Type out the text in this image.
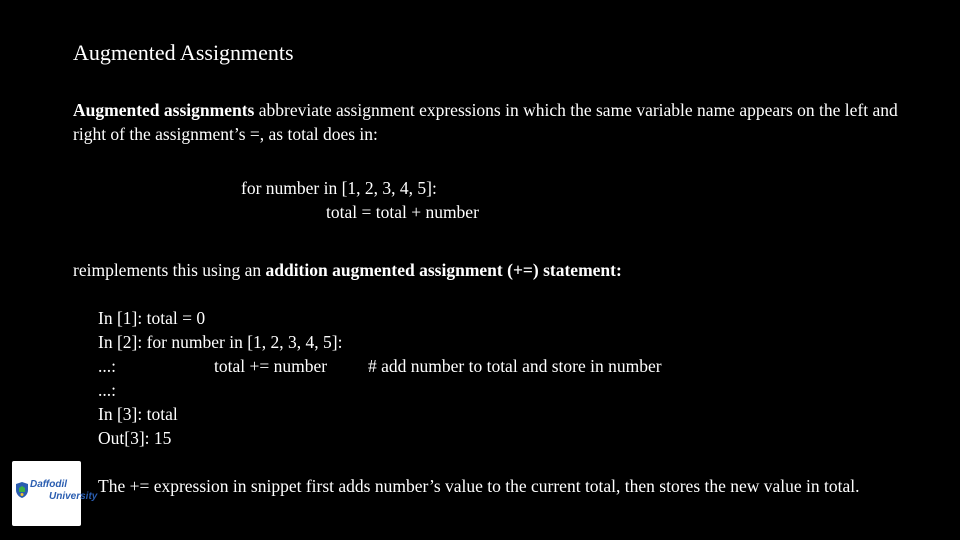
Augmented Assignments
Augmented assignments abbreviate assignment expressions in which the same variable name appears on the left and right of the assignment’s =, as total does in:
for number in [1, 2, 3, 4, 5]:
total = total + number
reimplements this using an addition augmented assignment (+=) statement:
In [1]: total = 0
In [2]: for number in [1, 2, 3, 4, 5]:
...:	total += number # add number to total and store in number
...:
In [3]: total
Out[3]: 15
The += expression in snippet first adds number’s value to the current total, then stores the new value in total.
Daffodil
University
